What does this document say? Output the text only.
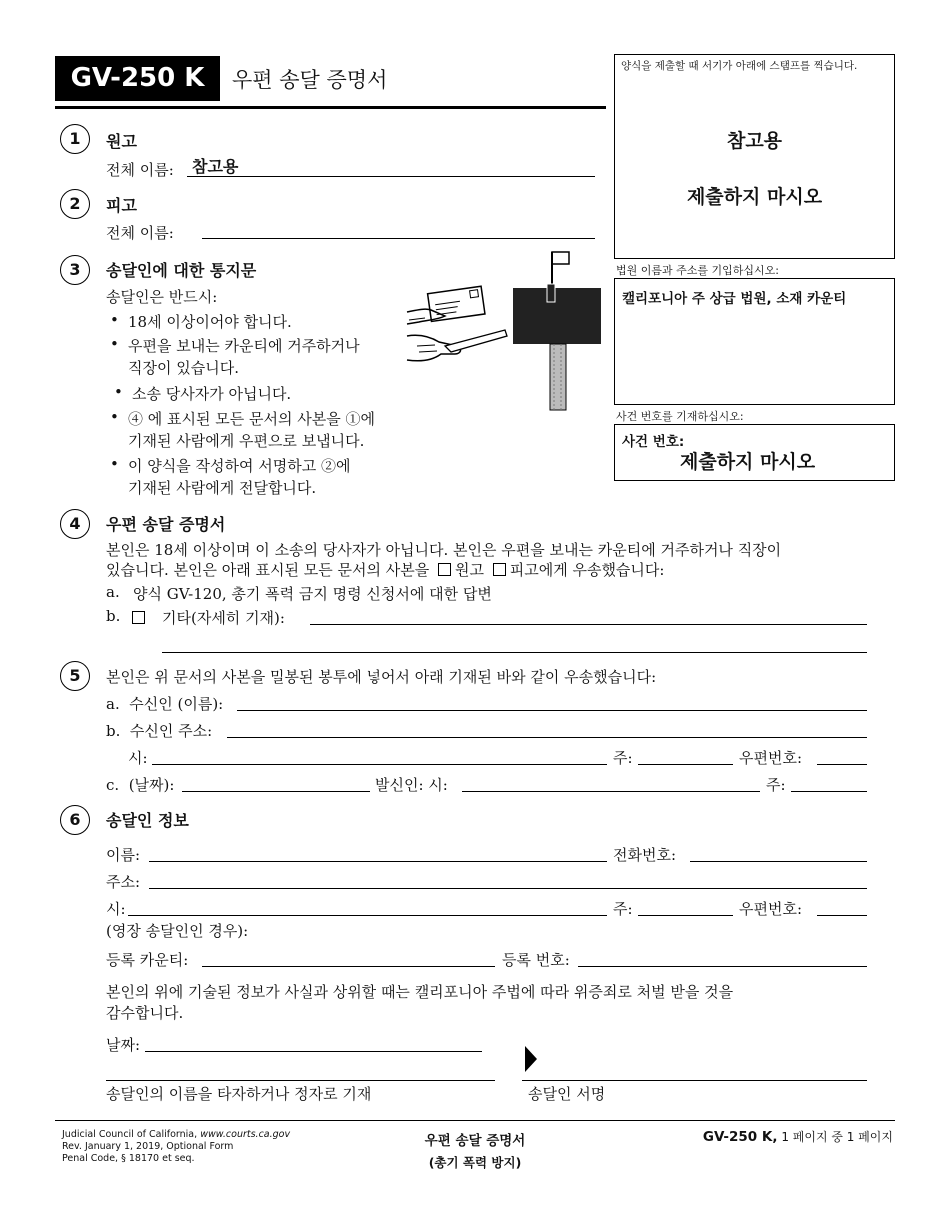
GV-250 K	우편 송달 증명서
양식을 제출할 때 서기가 아래에 스탬프를 찍습니다.
참고용
제출하지 마시오
법원 이름과 주소를 기입하십시오:
캘리포니아 주 상급 법원, 소재 카운티
사건 번호를 기재하십시오:
사건 번호:
제출하지 마시오
1	원고
전체 이름: 참고용
2	피고
전체 이름:
3	송달인에 대한 통지문
송달인은 반드시:
• 18세 이상이어야 합니다.
• 우편을 보내는 카운티에 거주하거나
직장이 있습니다.
• 소송 당사자가 아닙니다.
• ④ 에 표시된 모든 문서의 사본을 ①에
기재된 사람에게 우편으로 보냅니다.
• 이 양식을 작성하여 서명하고 ②에
기재된 사람에게 전달합니다.
4	우편 송달 증명서
본인은 18세 이상이며 이 소송의 당사자가 아닙니다. 본인은 우편을 보내는 카운티에 거주하거나 직장이
있습니다. 본인은 아래 표시된 모든 문서의 사본을 원고 피고에게 우송했습니다:
a. 양식 GV-120, 총기 폭력 금지 명령 신청서에 대한 답변
b.	기타(자세히 기재):
5	본인은 위 문서의 사본을 밀봉된 봉투에 넣어서 아래 기재된 바와 같이 우송했습니다:
a.  수신인 (이름):
b.  수신인 주소:
시:	주:	우편번호:
c.  (날짜):	발신인: 시:	주:
6	송달인 정보
이름:	전화번호:
주소:
시:	주:	우편번호:
(영장 송달인인 경우):
등록 카운티:	등록 번호:
본인의 위에 기술된 정보가 사실과 상위할 때는 캘리포니아 주법에 따라 위증죄로 처벌 받을 것을
감수합니다.
날짜:
송달인의 이름을 타자하거나 정자로 기재	송달인 서명
Judicial Council of California, www.courts.ca.gov
Rev. January 1, 2019, Optional Form
Penal Code, § 18170 et seq.
우편 송달 증명서
(총기 폭력 방지)
GV-250 K, 1 페이지 중 1 페이지
